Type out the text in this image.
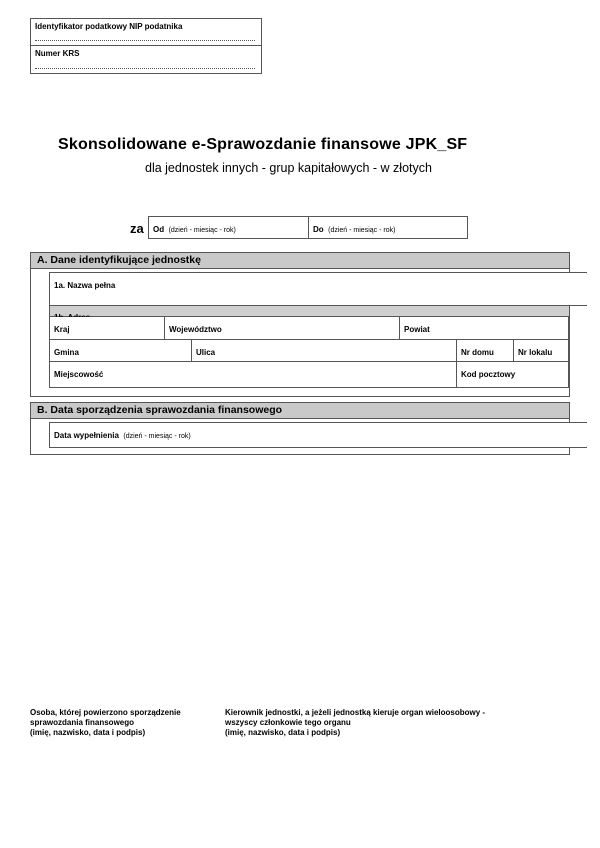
Identyfikator podatkowy NIP podatnika
Numer KRS
Skonsolidowane e-Sprawozdanie finansowe JPK_SF
dla jednostek innych - grup kapitałowych - w złotych
za	Od (dzień - miesiąc - rok)	Do (dzień - miesiąc - rok)
A. Dane identyfikujące jednostkę
1a. Nazwa pełna
Kraj	Województwo	Powiat
Gmina	Ulica	Nr domu	Nr lokalu
Miejscowość	Kod pocztowy
B. Data sporządzenia sprawozdania finansowego
Data wypełnienia (dzień - miesiąc - rok)
Osoba, której powierzono sporządzenie
sprawozdania finansowego
(imię, nazwisko, data i podpis)
Kierownik jednostki, a jeżeli jednostką kieruje organ wieloosobowy -
wszyscy członkowie tego organu
(imię, nazwisko, data i podpis)
